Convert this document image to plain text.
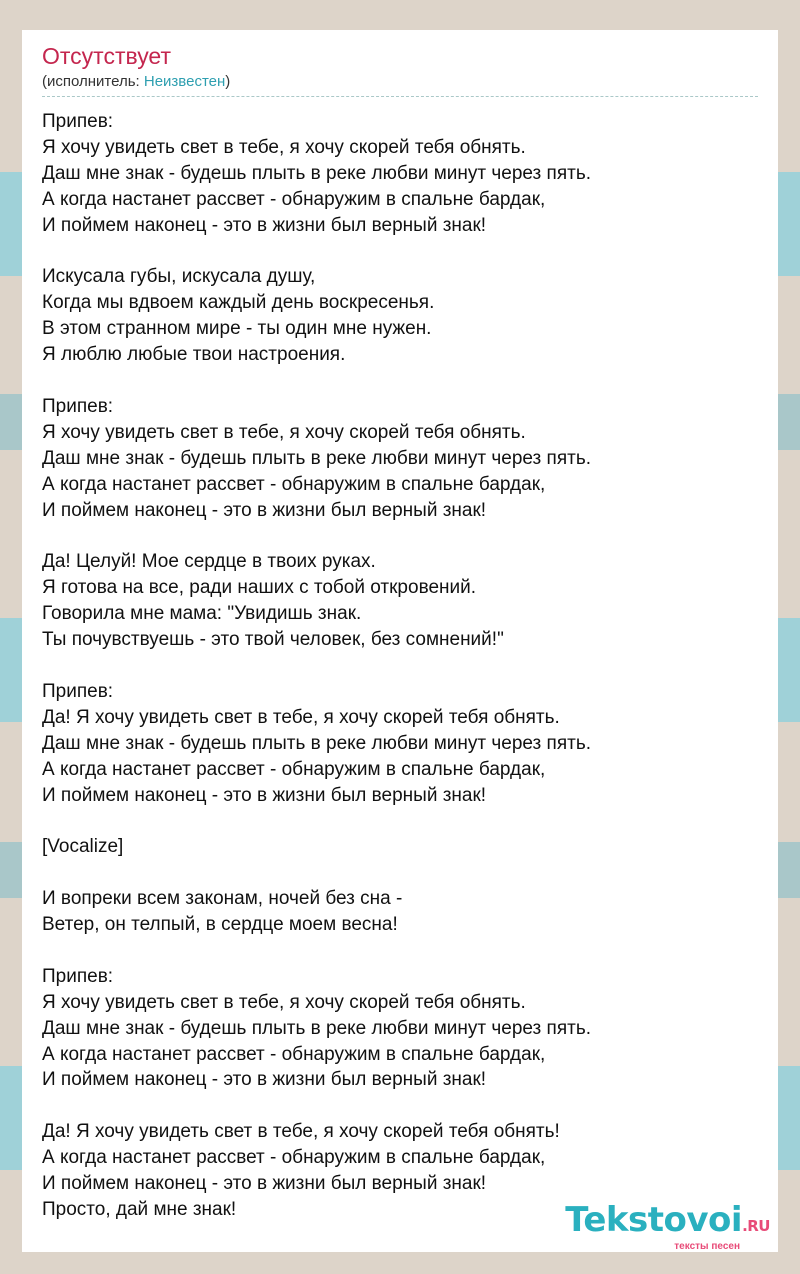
Отсутствует
(исполнитель: Неизвестен)
Припев:
Я хочу увидеть свет в тебе, я хочу скорей тебя обнять.
Даш мне знак - будешь плыть в реке любви минут через пять.
А когда настанет рассвет - обнаружим в спальне бардак,
И поймем наконец - это в жизни был верный знак!
Искусала губы, искусала душу,
Когда мы вдвоем каждый день воскресенья.
В этом странном мире - ты один мне нужен.
Я люблю любые твои настроения.
Припев:
Я хочу увидеть свет в тебе, я хочу скорей тебя обнять.
Даш мне знак - будешь плыть в реке любви минут через пять.
А когда настанет рассвет - обнаружим в спальне бардак,
И поймем наконец - это в жизни был верный знак!
Да! Целуй! Мое сердце в твоих руках.
Я готова на все, ради наших с тобой откровений.
Говорила мне мама: "Увидишь знак.
Ты почувствуешь - это твой человек, без сомнений!"
Припев:
Да! Я хочу увидеть свет в тебе, я хочу скорей тебя обнять.
Даш мне знак - будешь плыть в реке любви минут через пять.
А когда настанет рассвет - обнаружим в спальне бардак,
И поймем наконец - это в жизни был верный знак!
[Vocalize]
И вопреки всем законам, ночей без сна -
Ветер, он телпый, в сердце моем весна!
Припев:
Я хочу увидеть свет в тебе, я хочу скорей тебя обнять.
Даш мне знак - будешь плыть в реке любви минут через пять.
А когда настанет рассвет - обнаружим в спальне бардак,
И поймем наконец - это в жизни был верный знак!
Да! Я хочу увидеть свет в тебе, я хочу скорей тебя обнять!
А когда настанет рассвет - обнаружим в спальне бардак,
И поймем наконец - это в жизни был верный знак!
Просто, дай мне знак!	Tekstovoi.RU
тексты песен
